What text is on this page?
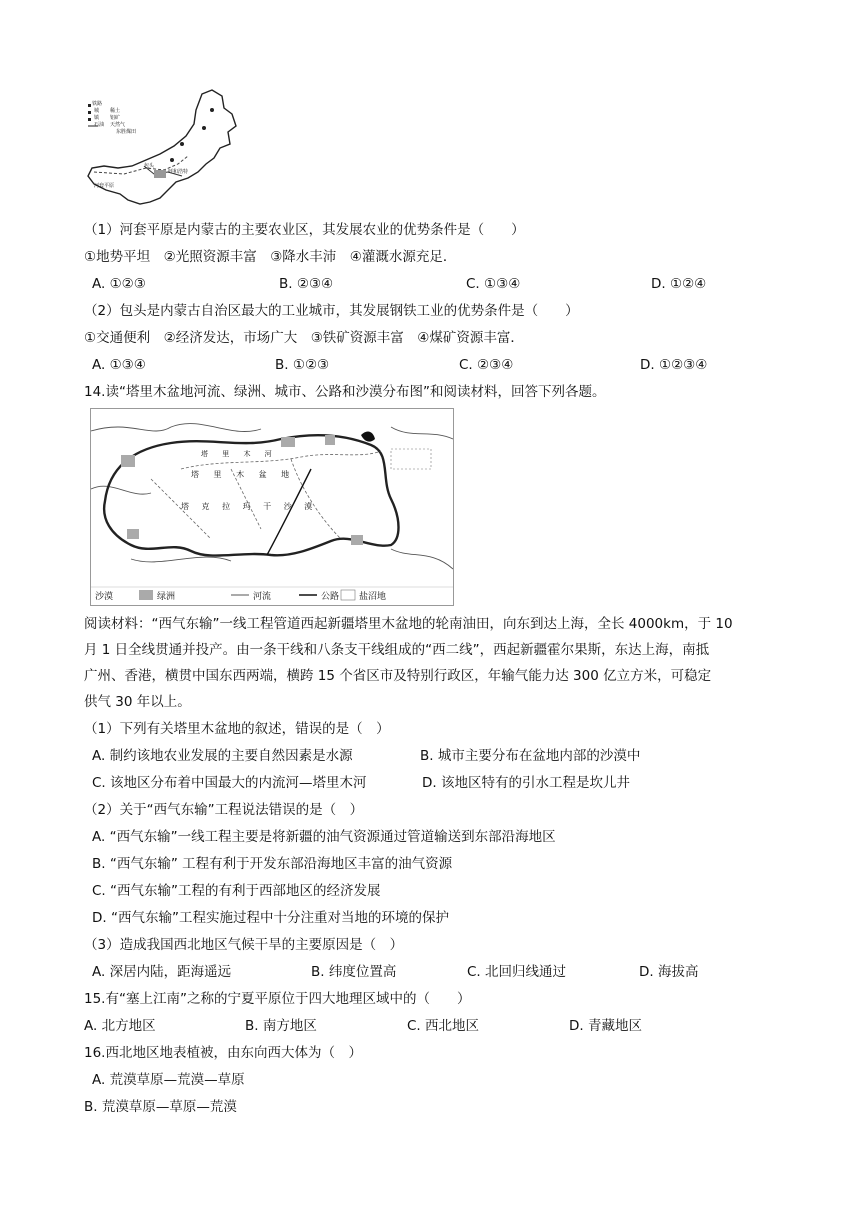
铁路
城
镇
石油
稀土
铝矿
天然气
东胜煤田
河套平原
包头
呼和浩特
（1）河套平原是内蒙古的主要农业区，其发展农业的优势条件是（　　）
①地势平坦　②光照资源丰富　③降水丰沛　④灌溉水源充足．
A. ①②③	B. ②③④	C. ①③④	D. ①②④
（2）包头是内蒙古自治区最大的工业城市，其发展钢铁工业的优势条件是（　　）
①交通便利　②经济发达，市场广大　③铁矿资源丰富　④煤矿资源丰富．
A. ①③④	B. ①②③	C. ②③④	D. ①②③④
14.读“塔里木盆地河流、绿洲、城市、公路和沙漠分布图”和阅读材料，回答下列各题。
塔 里 木 盆 地
塔 克 拉 玛 干 沙 漠
塔 里 木 河
沙漠	绿洲	河流	公路 盐沼地
阅读材料：“西气东输”一线工程管道西起新疆塔里木盆地的轮南油田，向东到达上海，全长 4000km，于 10
月 1 日全线贯通并投产。由一条干线和八条支干线组成的“西二线”，西起新疆霍尔果斯，东达上海，南抵
广州、香港，横贯中国东西两端，横跨 15 个省区市及特别行政区，年输气能力达 300 亿立方米，可稳定
供气 30 年以上。
（1）下列有关塔里木盆地的叙述，错误的是（　）
A. 制约该地农业发展的主要自然因素是水源	B. 城市主要分布在盆地内部的沙漠中
C. 该地区分布着中国最大的内流河—塔里木河	D. 该地区特有的引水工程是坎儿井
（2）关于“西气东输”工程说法错误的是（　）
A. “西气东输”一线工程主要是将新疆的油气资源通过管道输送到东部沿海地区
B. “西气东输” 工程有利于开发东部沿海地区丰富的油气资源
C. “西气东输”工程的有利于西部地区的经济发展
D. “西气东输”工程实施过程中十分注重对当地的环境的保护
（3）造成我国西北地区气候干旱的主要原因是（　）
A. 深居内陆，距海遥远	B. 纬度位置高	C. 北回归线通过	D. 海拔高
15.有“塞上江南”之称的宁夏平原位于四大地理区域中的（　　）
A. 北方地区	B. 南方地区	C. 西北地区	D. 青藏地区
16.西北地区地表植被，由东向西大体为（　）
A. 荒漠草原—荒漠—草原
B. 荒漠草原—草原—荒漠
